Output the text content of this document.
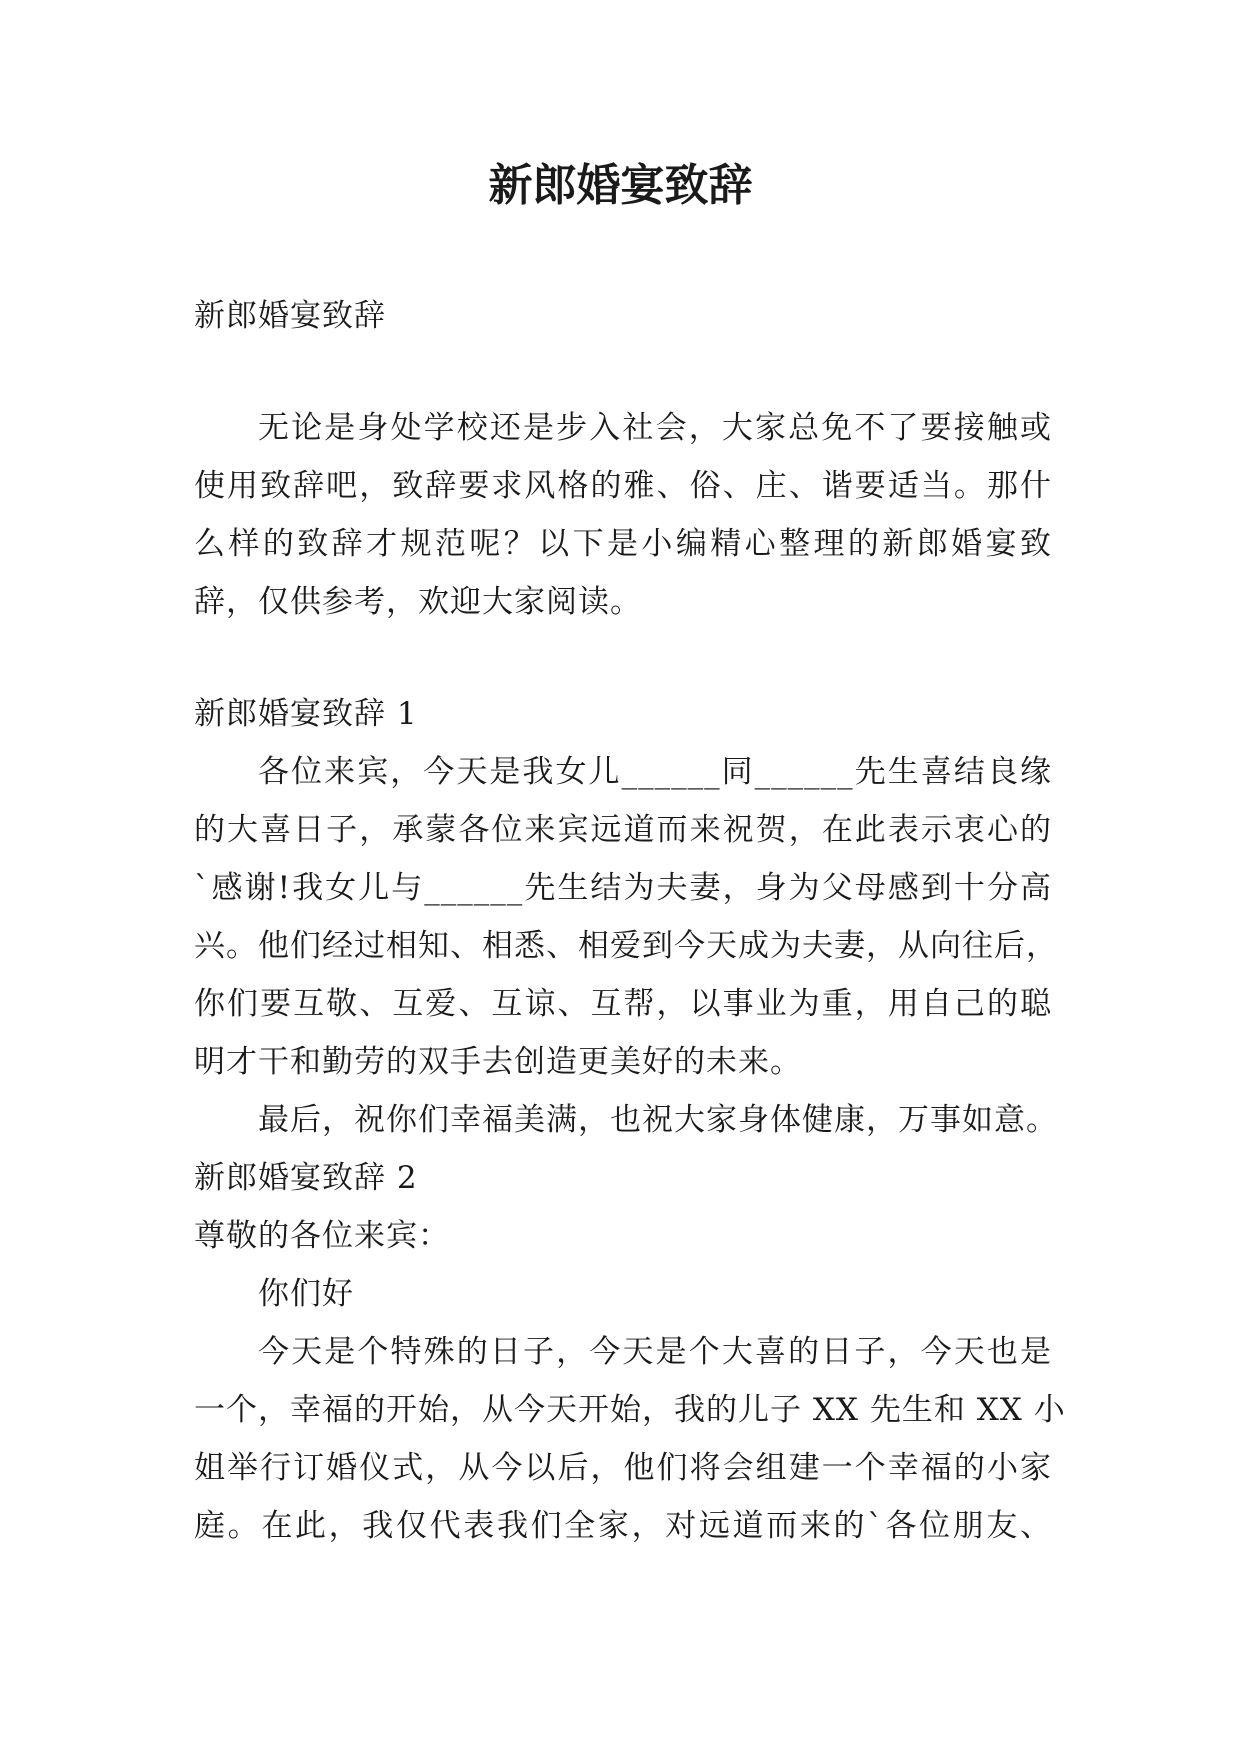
新郎婚宴致辞

新郎婚宴致辞

无论是身处学校还是步入社会，大家总免不了要接触或

使用致辞吧，致辞要求风格的雅、俗、庄、谐要适当。那什

么样的致辞才规范呢？以下是小编精心整理的新郎婚宴致

辞，仅供参考，欢迎大家阅读。

新郎婚宴致辞 1

各位来宾，今天是我女儿______同______先生喜结良缘

的大喜日子，承蒙各位来宾远道而来祝贺，在此表示衷心的

`感谢!我女儿与______先生结为夫妻，身为父母感到十分高

兴。他们经过相知、相悉、相爱到今天成为夫妻，从向往后，

你们要互敬、互爱、互谅、互帮，以事业为重，用自己的聪

明才干和勤劳的双手去创造更美好的未来。

最后，祝你们幸福美满，也祝大家身体健康，万事如意。

新郎婚宴致辞 2

尊敬的各位来宾：

你们好

今天是个特殊的日子，今天是个大喜的日子，今天也是

一个，幸福的开始，从今天开始，我的儿子 XX 先生和 XX 小

姐举行订婚仪式，从今以后，他们将会组建一个幸福的小家

庭。在此，我仅代表我们全家，对远道而来的`各位朋友、
